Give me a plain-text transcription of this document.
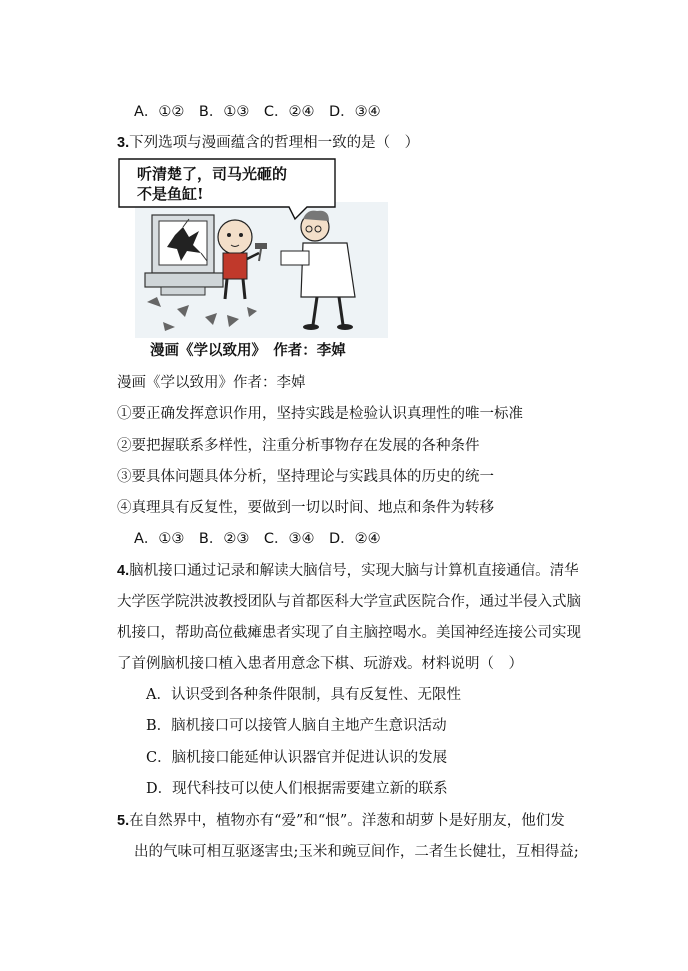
A．①②　B．①③　C．②④　D．③④
3.下列选项与漫画蕴含的哲理相一致的是（　）
听清楚了，司马光砸的
不是鱼缸!
漫画《学以致用》　作者：李婥
漫画《学以致用》作者：李婥
①要正确发挥意识作用，坚持实践是检验认识真理性的唯一标准
②要把握联系多样性，注重分析事物存在发展的各种条件
③要具体问题具体分析，坚持理论与实践具体的历史的统一
④真理具有反复性，要做到一切以时间、地点和条件为转移
A．①③　B．②③　C．③④　D．②④
4.脑机接口通过记录和解读大脑信号，实现大脑与计算机直接通信。清华
大学医学院洪波教授团队与首都医科大学宣武医院合作，通过半侵入式脑
机接口，帮助高位截瘫患者实现了自主脑控喝水。美国神经连接公司实现
了首例脑机接口植入患者用意念下棋、玩游戏。材料说明（　）
A．认识受到各种条件限制，具有反复性、无限性
B．脑机接口可以接管人脑自主地产生意识活动
C．脑机接口能延伸认识器官并促进认识的发展
D．现代科技可以使人们根据需要建立新的联系
5.在自然界中，植物亦有“爱”和“恨”。洋葱和胡萝卜是好朋友，他们发
出的气味可相互驱逐害虫;玉米和豌豆间作，二者生长健壮，互相得益;
